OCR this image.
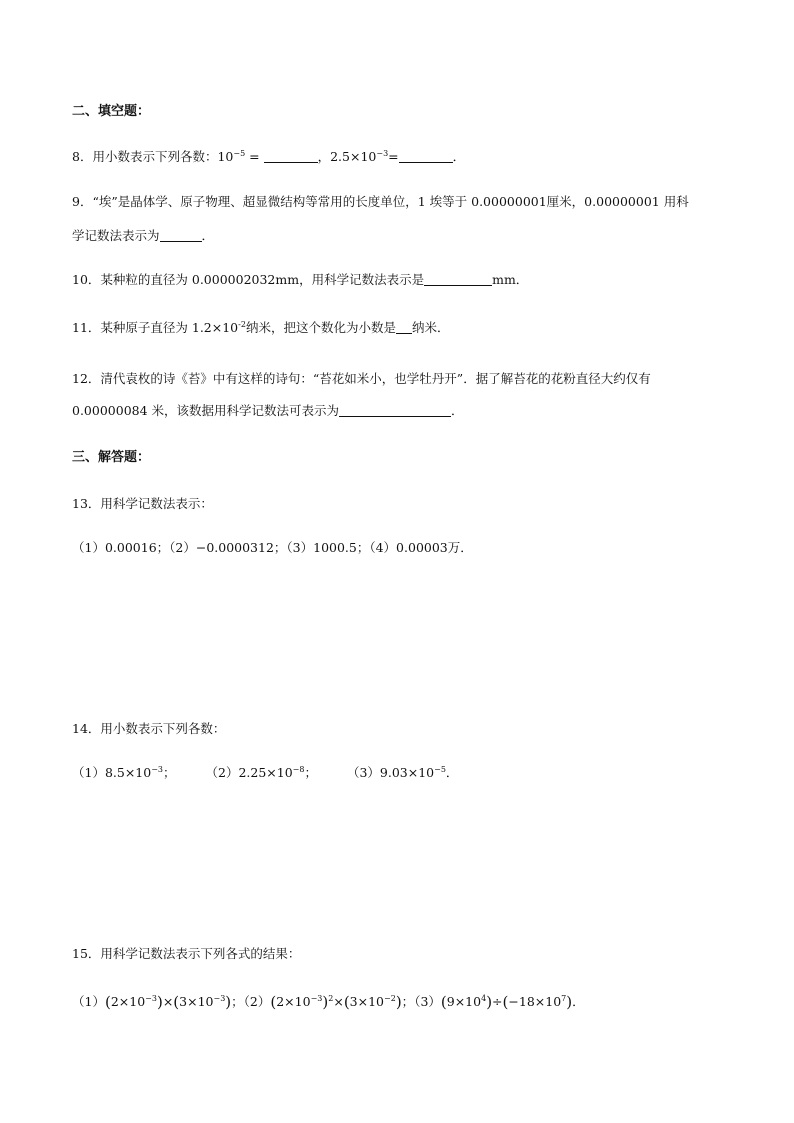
二、填空题：
8．用小数表示下列各数：$10^{-5}$ =	，$2.5\times 10^{-3}=$	．
9．“埃”是晶体学、原子物理、超显微结构等常用的长度单位，1 埃等于 0.00000001厘米，0.00000001 用科
学记数法表示为	．
10．某种粒的直径为 0.000002032mm，用科学记数法表示是	mm．
11．某种原子直径为 $1.2\times 10^{-2}$纳米，把这个数化为小数是 纳米．
12．清代袁枚的诗《苔》中有这样的诗句：“苔花如米小，也学牡丹开”．据了解苔花的花粉直径大约仅有
0.00000084 米，该数据用科学记数法可表示为	．
三、解答题：
13．用科学记数法表示：
（1）0.00016；（2）−0.0000312；（3）1000.5；（4）0.00003万．
14．用小数表示下列各数：
$(1)8.5\times 10^{-3}$； $(2)2.25\times 10^{-8}$； $(3)9.03\times 10^{-5}$．
15．用科学记数法表示下列各式的结果：
$(1)(2\times 10^{-3})\times(3\times 10^{-3})$；$(2)(2\times 10^{-3})^2\times(3\times 10^{-2})$；$(3)(9\times 10^4)\div(-18\times 10^7)$．
